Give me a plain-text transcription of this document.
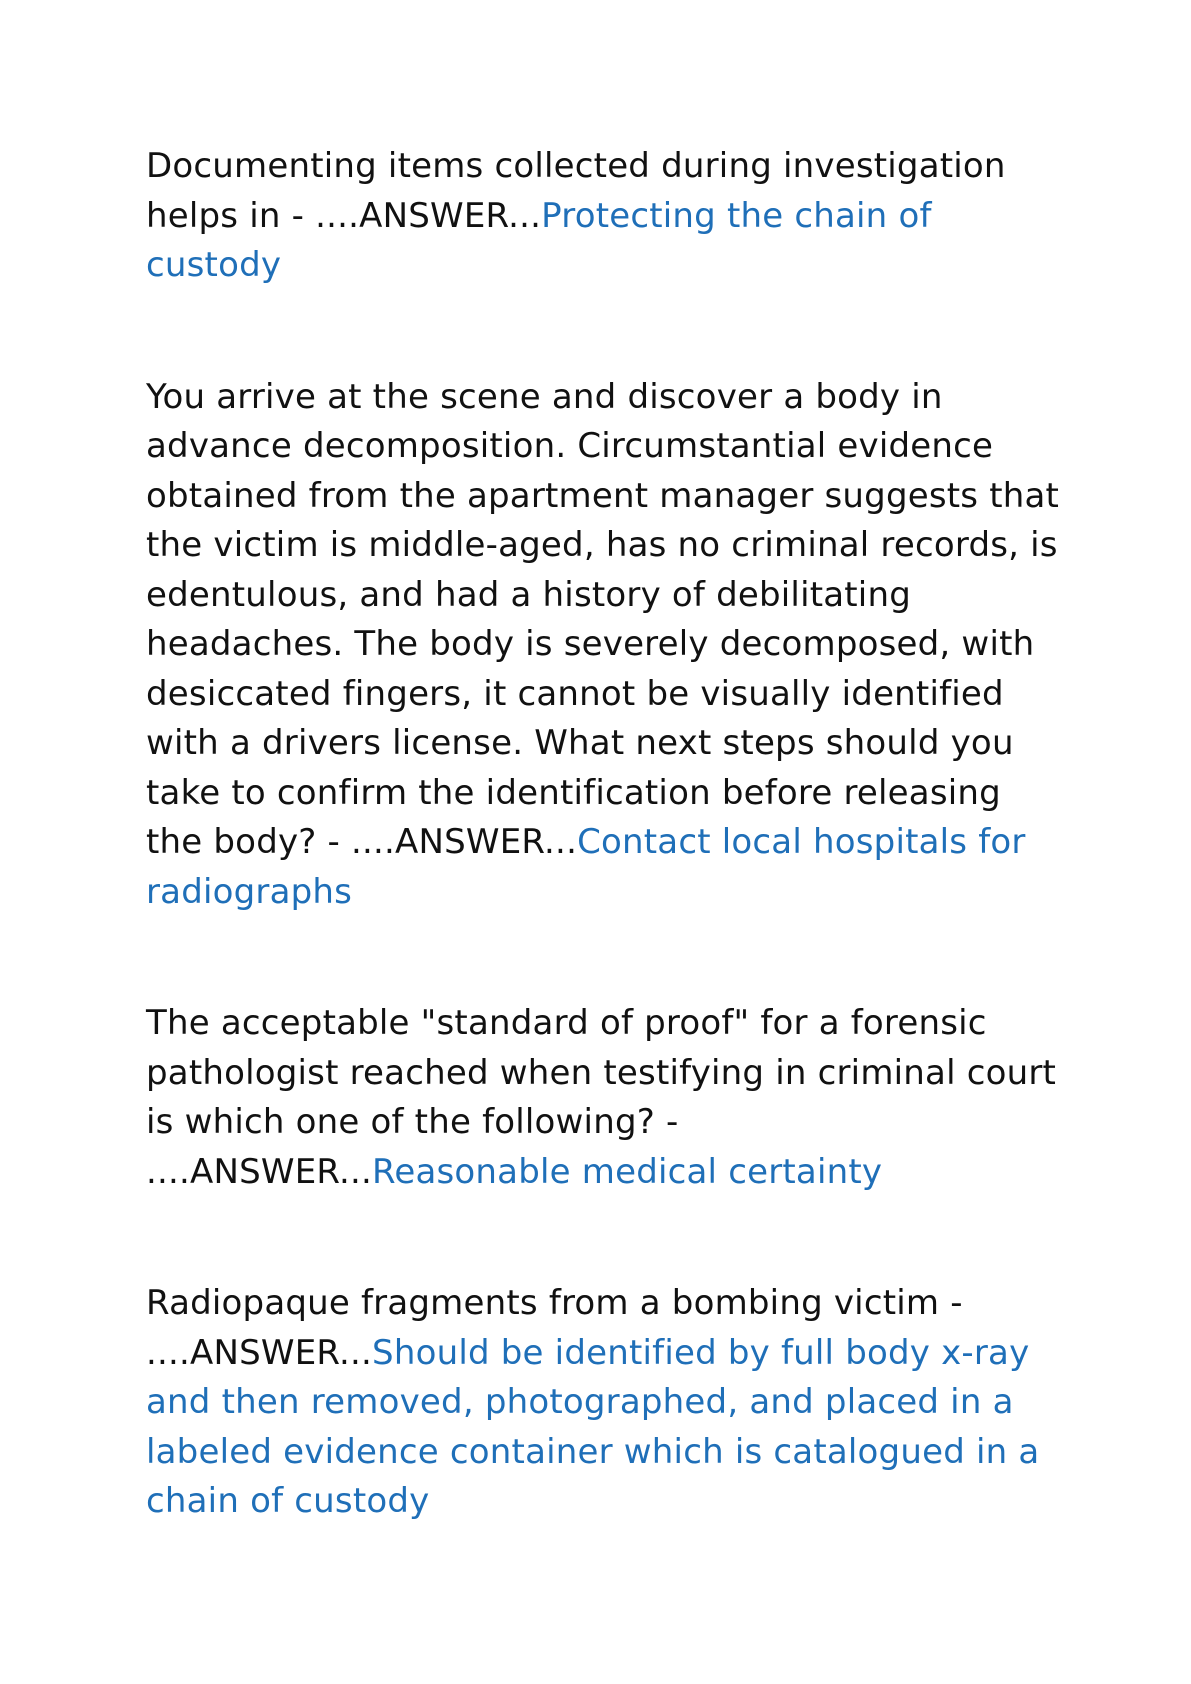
Documenting items collected during investigation helps in - ....ANSWER...Protecting the chain of custody

You arrive at the scene and discover a body in advance decomposition. Circumstantial evidence obtained from the apartment manager suggests that the victim is middle-aged, has no criminal records, is edentulous, and had a history of debilitating headaches. The body is severely decomposed, with desiccated fingers, it cannot be visually identified with a drivers license. What next steps should you take to confirm the identification before releasing the body? - ....ANSWER...Contact local hospitals for radiographs

The acceptable "standard of proof" for a forensic pathologist reached when testifying in criminal court is which one of the following? - ....ANSWER...Reasonable medical certainty

Radiopaque fragments from a bombing victim - ....ANSWER...Should be identified by full body x-ray and then removed, photographed, and placed in a labeled evidence container which is catalogued in a chain of custody
